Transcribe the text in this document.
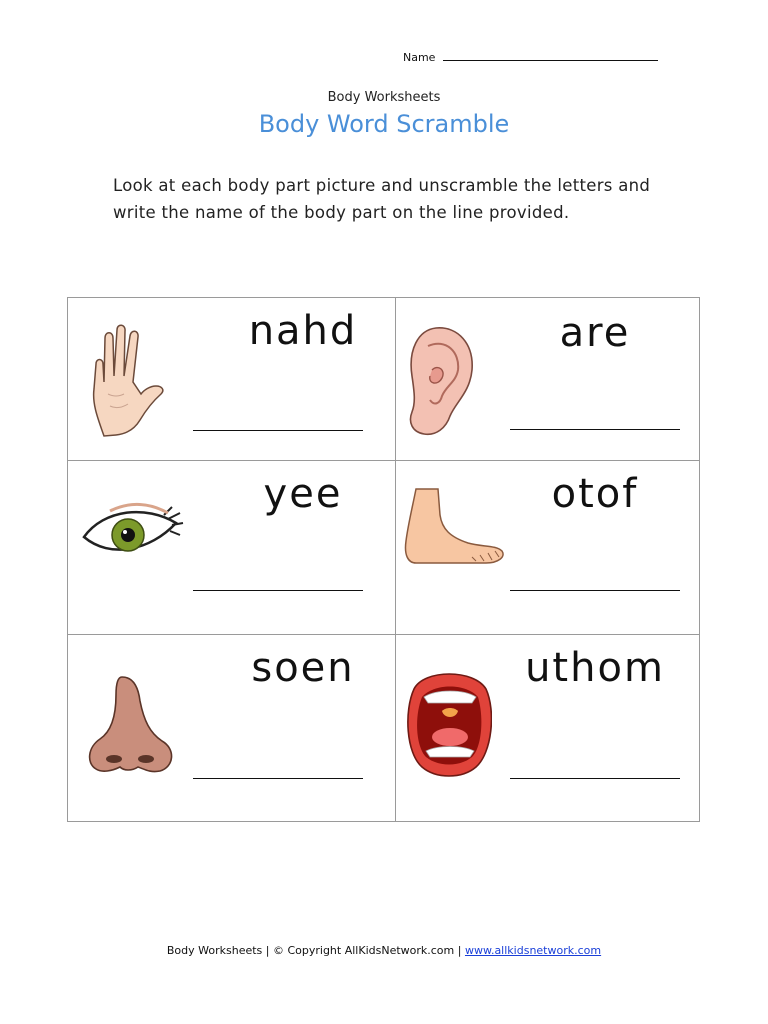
Name
Body Worksheets
Body Word Scramble
Look at each body part picture and unscramble the letters and write the name of the body part on the line provided.
nahd	are
yee	otof
soen	uthom
Body Worksheets | © Copyright AllKidsNetwork.com | www.allkidsnetwork.com
